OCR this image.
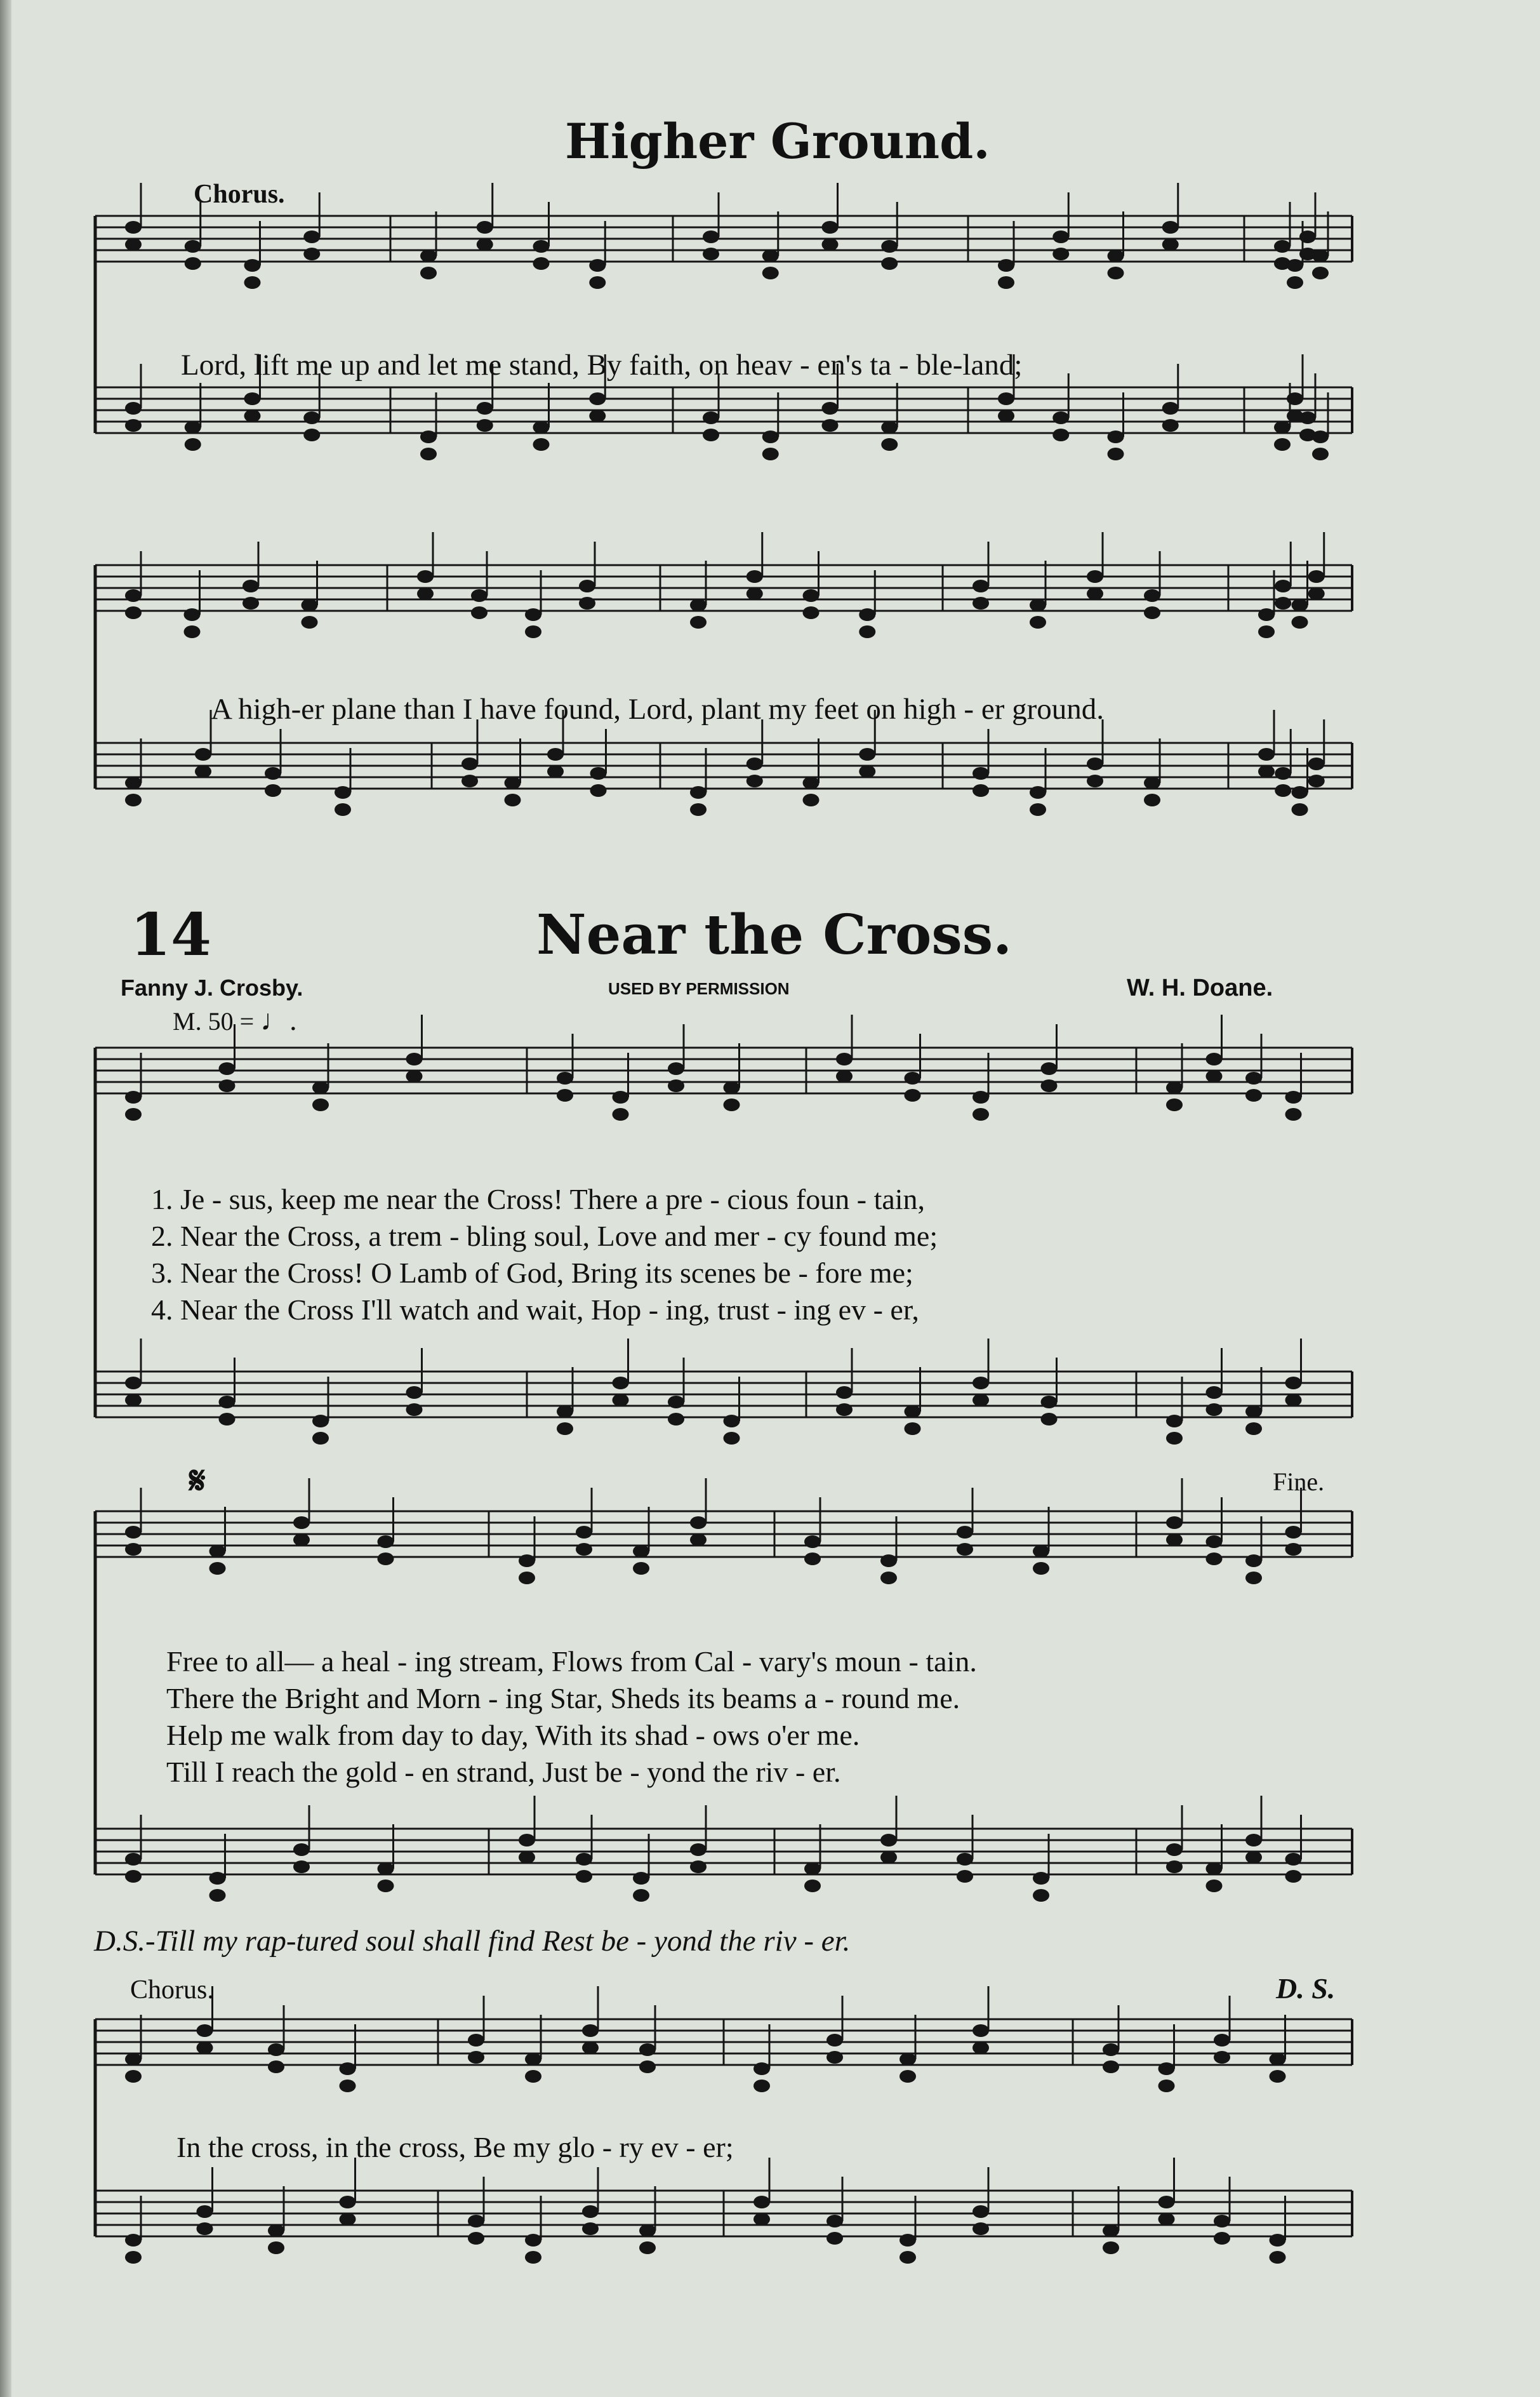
Higher Ground.
Chorus.
Lord, lift me up and let me stand, By faith, on heav - en's ta - ble-land;
A high-er plane than I have found, Lord, plant my feet on high - er ground.
14	Near the Cross.
Fanny J. Crosby.	USED BY PERMISSION	W. H. Doane.
M. 50 = ♩.
1. Je - sus, keep me near the Cross! There a pre - cious foun - tain,
2. Near the Cross, a trem - bling soul, Love and mer - cy found me;
3. Near the Cross! O Lamb of God, Bring its scenes be - fore me;
4. Near the Cross I'll watch and wait, Hop - ing, trust - ing ev - er,
𝄋	Fine.
Free to all— a heal - ing stream, Flows from Cal - vary's moun - tain.
There the Bright and Morn - ing Star, Sheds its beams a - round me.
Help me walk from day to day, With its shad - ows o'er me.
Till I reach the gold - en strand, Just be - yond the riv - er.
D.S.-Till my rap-tured soul shall find Rest be - yond the riv - er.
Chorus.	D. S.
In the cross, in the cross, Be my glo - ry ev - er;
